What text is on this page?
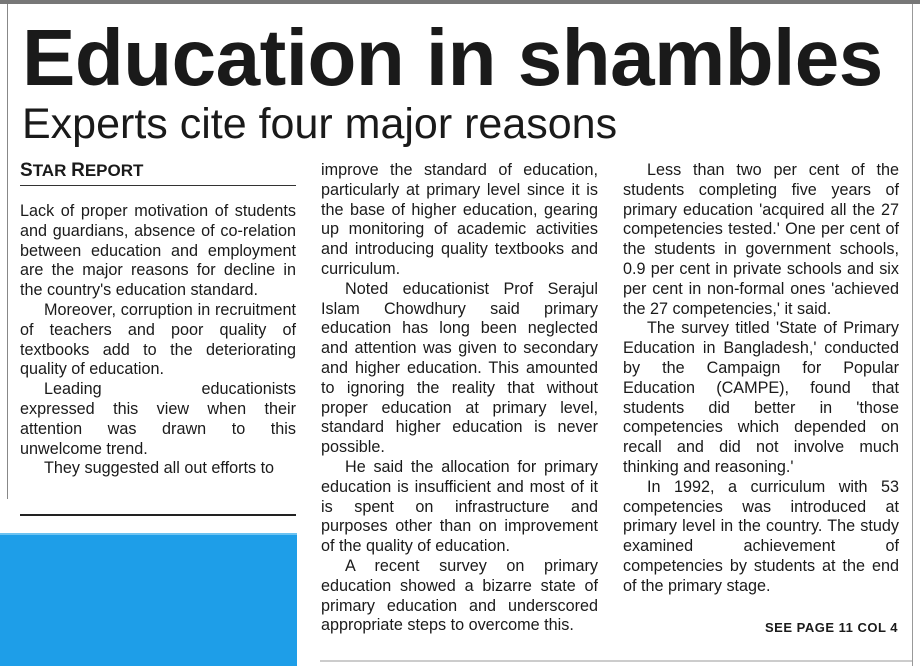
Education in shambles
Experts cite four major reasons
STAR REPORT

Lack of proper motivation of students and guardians, absence of co-relation between education and employment are the major reasons for decline in the country's education standard.

Moreover, corruption in recruitment of teachers and poor quality of textbooks add to the deteriorating quality of education.

Leading educationists

expressed this view when their attention was drawn to this unwelcome trend.

They suggested all out efforts to

improve the standard of education, particularly at primary level since it is the base of higher education, gearing up monitoring of academic activities and introducing quality textbooks and curriculum.

Noted educationist Prof Serajul Islam Chowdhury said primary education has long been neglected and attention was given to secondary and higher education. This amounted to ignoring the reality that without proper education at primary level, standard higher education is never possible.

He said the allocation for primary education is insufficient and most of it is spent on infrastructure and purposes other than on improvement of the quality of education.

A recent survey on primary education showed a bizarre state of primary education and underscored appropriate steps to overcome this.

Less than two per cent of the students completing five years of primary education 'acquired all the 27 competencies tested.' One per cent of the students in government schools, 0.9 per cent in private schools and six per cent in non-formal ones 'achieved the 27 competencies,' it said.

The survey titled 'State of Primary Education in Bangladesh,' conducted by the Campaign for Popular Education (CAMPE), found that students did better in 'those competencies which depended on recall and did not involve much thinking and reasoning.'

In 1992, a curriculum with 53 competencies was introduced at primary level in the country. The study examined achievement of competencies by students at the end of the primary stage.

SEE PAGE 11 COL 4
